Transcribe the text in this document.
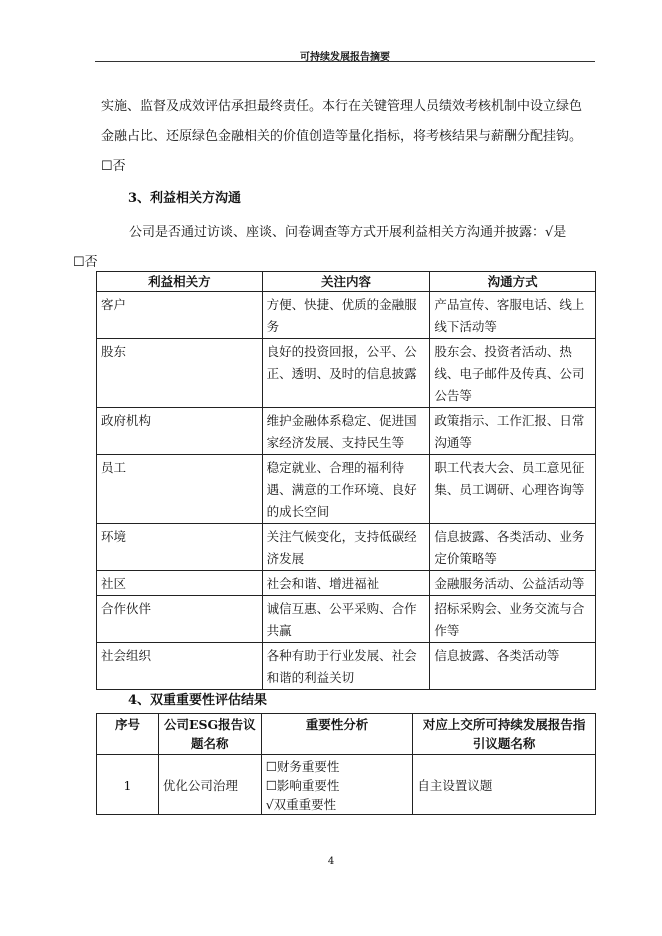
可持续发展报告摘要
实施、监督及成效评估承担最终责任。本行在关键管理人员绩效考核机制中设立绿色金融占比、还原绿色金融相关的价值创造等量化指标，将考核结果与薪酬分配挂钩。
☐否
3、利益相关方沟通
公司是否通过访谈、座谈、问卷调查等方式开展利益相关方沟通并披露：√是
☐否
利益相关方	关注内容	沟通方式
客户	方便、快捷、优质的金融服务	产品宣传、客服电话、线上线下活动等
股东	良好的投资回报，公平、公正、透明、及时的信息披露	股东会、投资者活动、热线、电子邮件及传真、公司公告等
政府机构	维护金融体系稳定、促进国家经济发展、支持民生等	政策指示、工作汇报、日常沟通等
员工	稳定就业、合理的福利待遇、满意的工作环境、良好的成长空间	职工代表大会、员工意见征集、员工调研、心理咨询等
环境	关注气候变化，支持低碳经济发展	信息披露、各类活动、业务定价策略等
社区	社会和谐、增进福祉	金融服务活动、公益活动等
合作伙伴	诚信互惠、公平采购、合作共赢	招标采购会、业务交流与合作等
社会组织	各种有助于行业发展、社会和谐的利益关切	信息披露、各类活动等
4、双重重要性评估结果
序号	公司ESG报告议题名称	重要性分析	对应上交所可持续发展报告指引议题名称
1	优化公司治理	☐财务重要性
☐影响重要性
√双重重要性	自主设置议题
4
